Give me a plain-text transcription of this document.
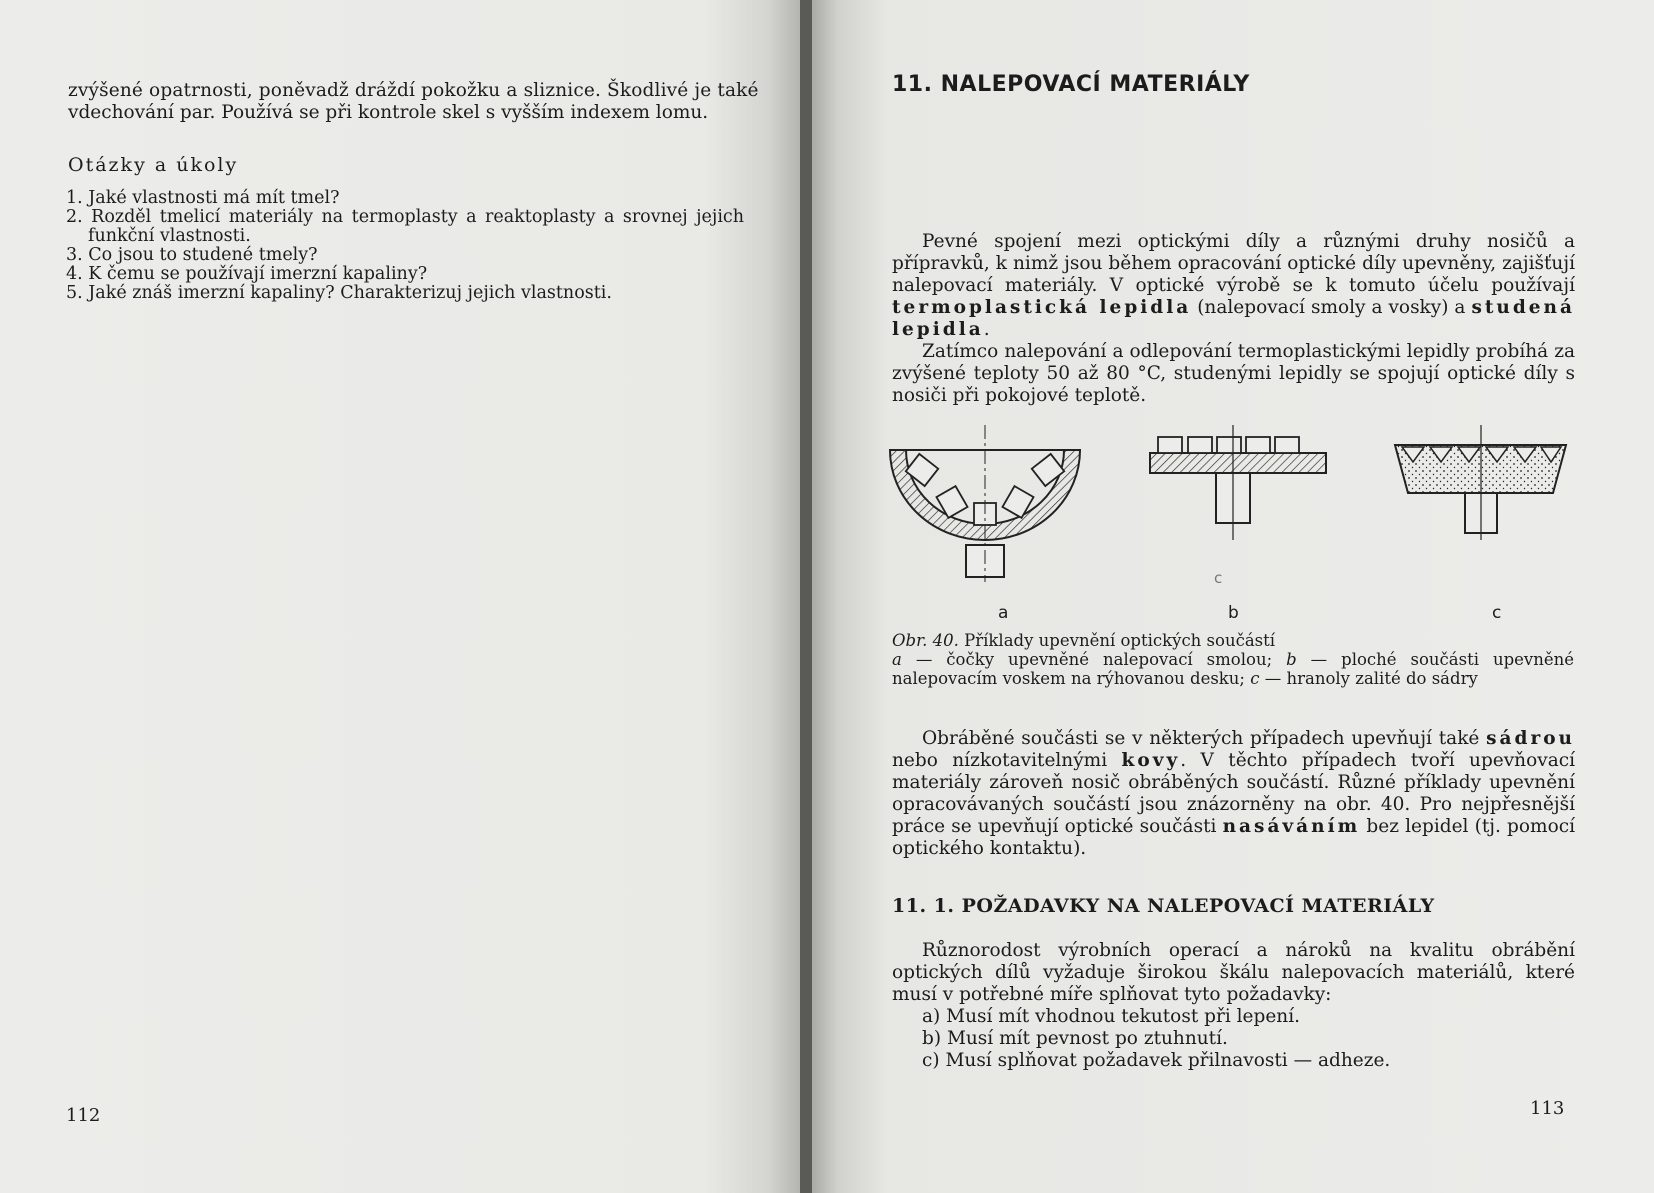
zvýšené opatrnosti, poněvadž dráždí pokožku a sliznice. Škodlivé je také
vdechování par. Používá se při kontrole skel s vyšším indexem lomu.
Otázky a úkoly
1. Jaké vlastnosti má mít tmel?
2. Rozděl tmelicí materiály na termoplasty a reaktoplasty a srovnej jejich funkční vlastnosti.
3. Co jsou to studené tmely?
4. K čemu se používají imerzní kapaliny?
5. Jaké znáš imerzní kapaliny? Charakterizuj jejich vlastnosti.
112
11. NALEPOVACÍ MATERIÁLY

Pevné spojení mezi optickými díly a různými druhy nosičů a přípravků, k nimž jsou během opracování optické díly upevněny, zajišťují nalepovací materiály. V optické výrobě se k tomuto účelu používají termoplastická lepidla (nalepovací smoly a vosky) a studená lepidla.

Zatímco nalepování a odlepování termoplastickými lepidly probíhá za zvýšené teploty 50 až 80 °C, studenými lepidly se spojují optické díly s nosiči při pokojové teplotě.

c
a	b	c

Obr. 40. Příklady upevnění optických součástí

a — čočky upevněné nalepovací smolou; b — ploché součásti upevněné nalepovacím voskem na rýhovanou desku; c — hranoly zalité do sádry

Obráběné součásti se v některých případech upevňují také sádrou nebo nízkotavitelnými kovy. V těchto případech tvoří upevňovací materiály zároveň nosič obráběných součástí. Různé příklady upevnění opracovávaných součástí jsou znázorněny na obr. 40. Pro nejpřesnější práce se upevňují optické součásti nasáváním bez lepidel (tj. pomocí optického kontaktu).

11. 1. POŽADAVKY NA NALEPOVACÍ MATERIÁLY

Různorodost výrobních operací a nároků na kvalitu obrábění optických dílů vyžaduje širokou škálu nalepovacích materiálů, které musí v potřebné míře splňovat tyto požadavky:

a) Musí mít vhodnou tekutost při lepení.
b) Musí mít pevnost po ztuhnutí.
c) Musí splňovat požadavek přilnavosti — adheze.
113
